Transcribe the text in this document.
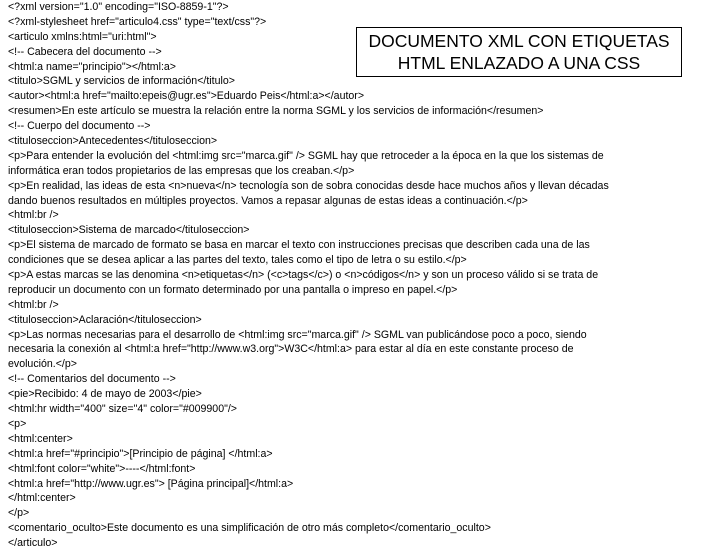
<?xml version="1.0" encoding="ISO-8859-1"?>
<?xml-stylesheet href="articulo4.css" type="text/css"?>
<articulo xmlns:html="uri:html">
<!-- Cabecera del documento -->
<html:a name="principio"></html:a>
<titulo>SGML y servicios de información</titulo>
<autor><html:a href="mailto:epeis@ugr.es">Eduardo Peis</html:a></autor>
<resumen>En este artículo se muestra la relación entre la norma SGML y los servicios de información</resumen>
<!-- Cuerpo del documento -->
<tituloseccion>Antecedentes</tituloseccion>
<p>Para entender la evolución del <html:img src="marca.gif" /> SGML hay que retroceder a la época en la que los sistemas de
informática eran todos propietarios de las empresas que los creaban.</p>
<p>En realidad, las ideas de esta <n>nueva</n> tecnología son de sobra conocidas desde hace muchos años y llevan décadas
dando buenos resultados en múltiples proyectos. Vamos a repasar algunas de estas ideas a continuación.</p>
<html:br />
<tituloseccion>Sistema de marcado</tituloseccion>
<p>El sistema de marcado de formato se basa en marcar el texto con instrucciones precisas que describen cada una de las
condiciones que se desea aplicar a las partes del texto, tales como el tipo de letra o su estilo.</p>
<p>A estas marcas se las denomina <n>etiquetas</n> (<c>tags</c>) o <n>códigos</n> y son un proceso válido si se trata de
reproducir un documento con un formato determinado por una pantalla o impreso en papel.</p>
<html:br />
<tituloseccion>Aclaración</tituloseccion>
<p>Las normas necesarias para el desarrollo de <html:img src="marca.gif" /> SGML van publicándose poco a poco, siendo
necesaria la conexión al <html:a href="http://www.w3.org">W3C</html:a> para estar al día en este constante proceso de
evolución.</p>
<!-- Comentarios del documento -->
<pie>Recibido: 4 de mayo de 2003</pie>
<html:hr width="400" size="4" color="#009900"/>
<p>
<html:center>
<html:a href="#principio">[Principio de página] </html:a>
<html:font color="white">----</html:font>
<html:a href="http://www.ugr.es"> [Página principal]</html:a>
</html:center>
</p>
<comentario_oculto>Este documento es una simplificación de otro más completo</comentario_oculto>
</articulo>
DOCUMENTO XML CON ETIQUETAS
HTML ENLAZADO A UNA CSS
